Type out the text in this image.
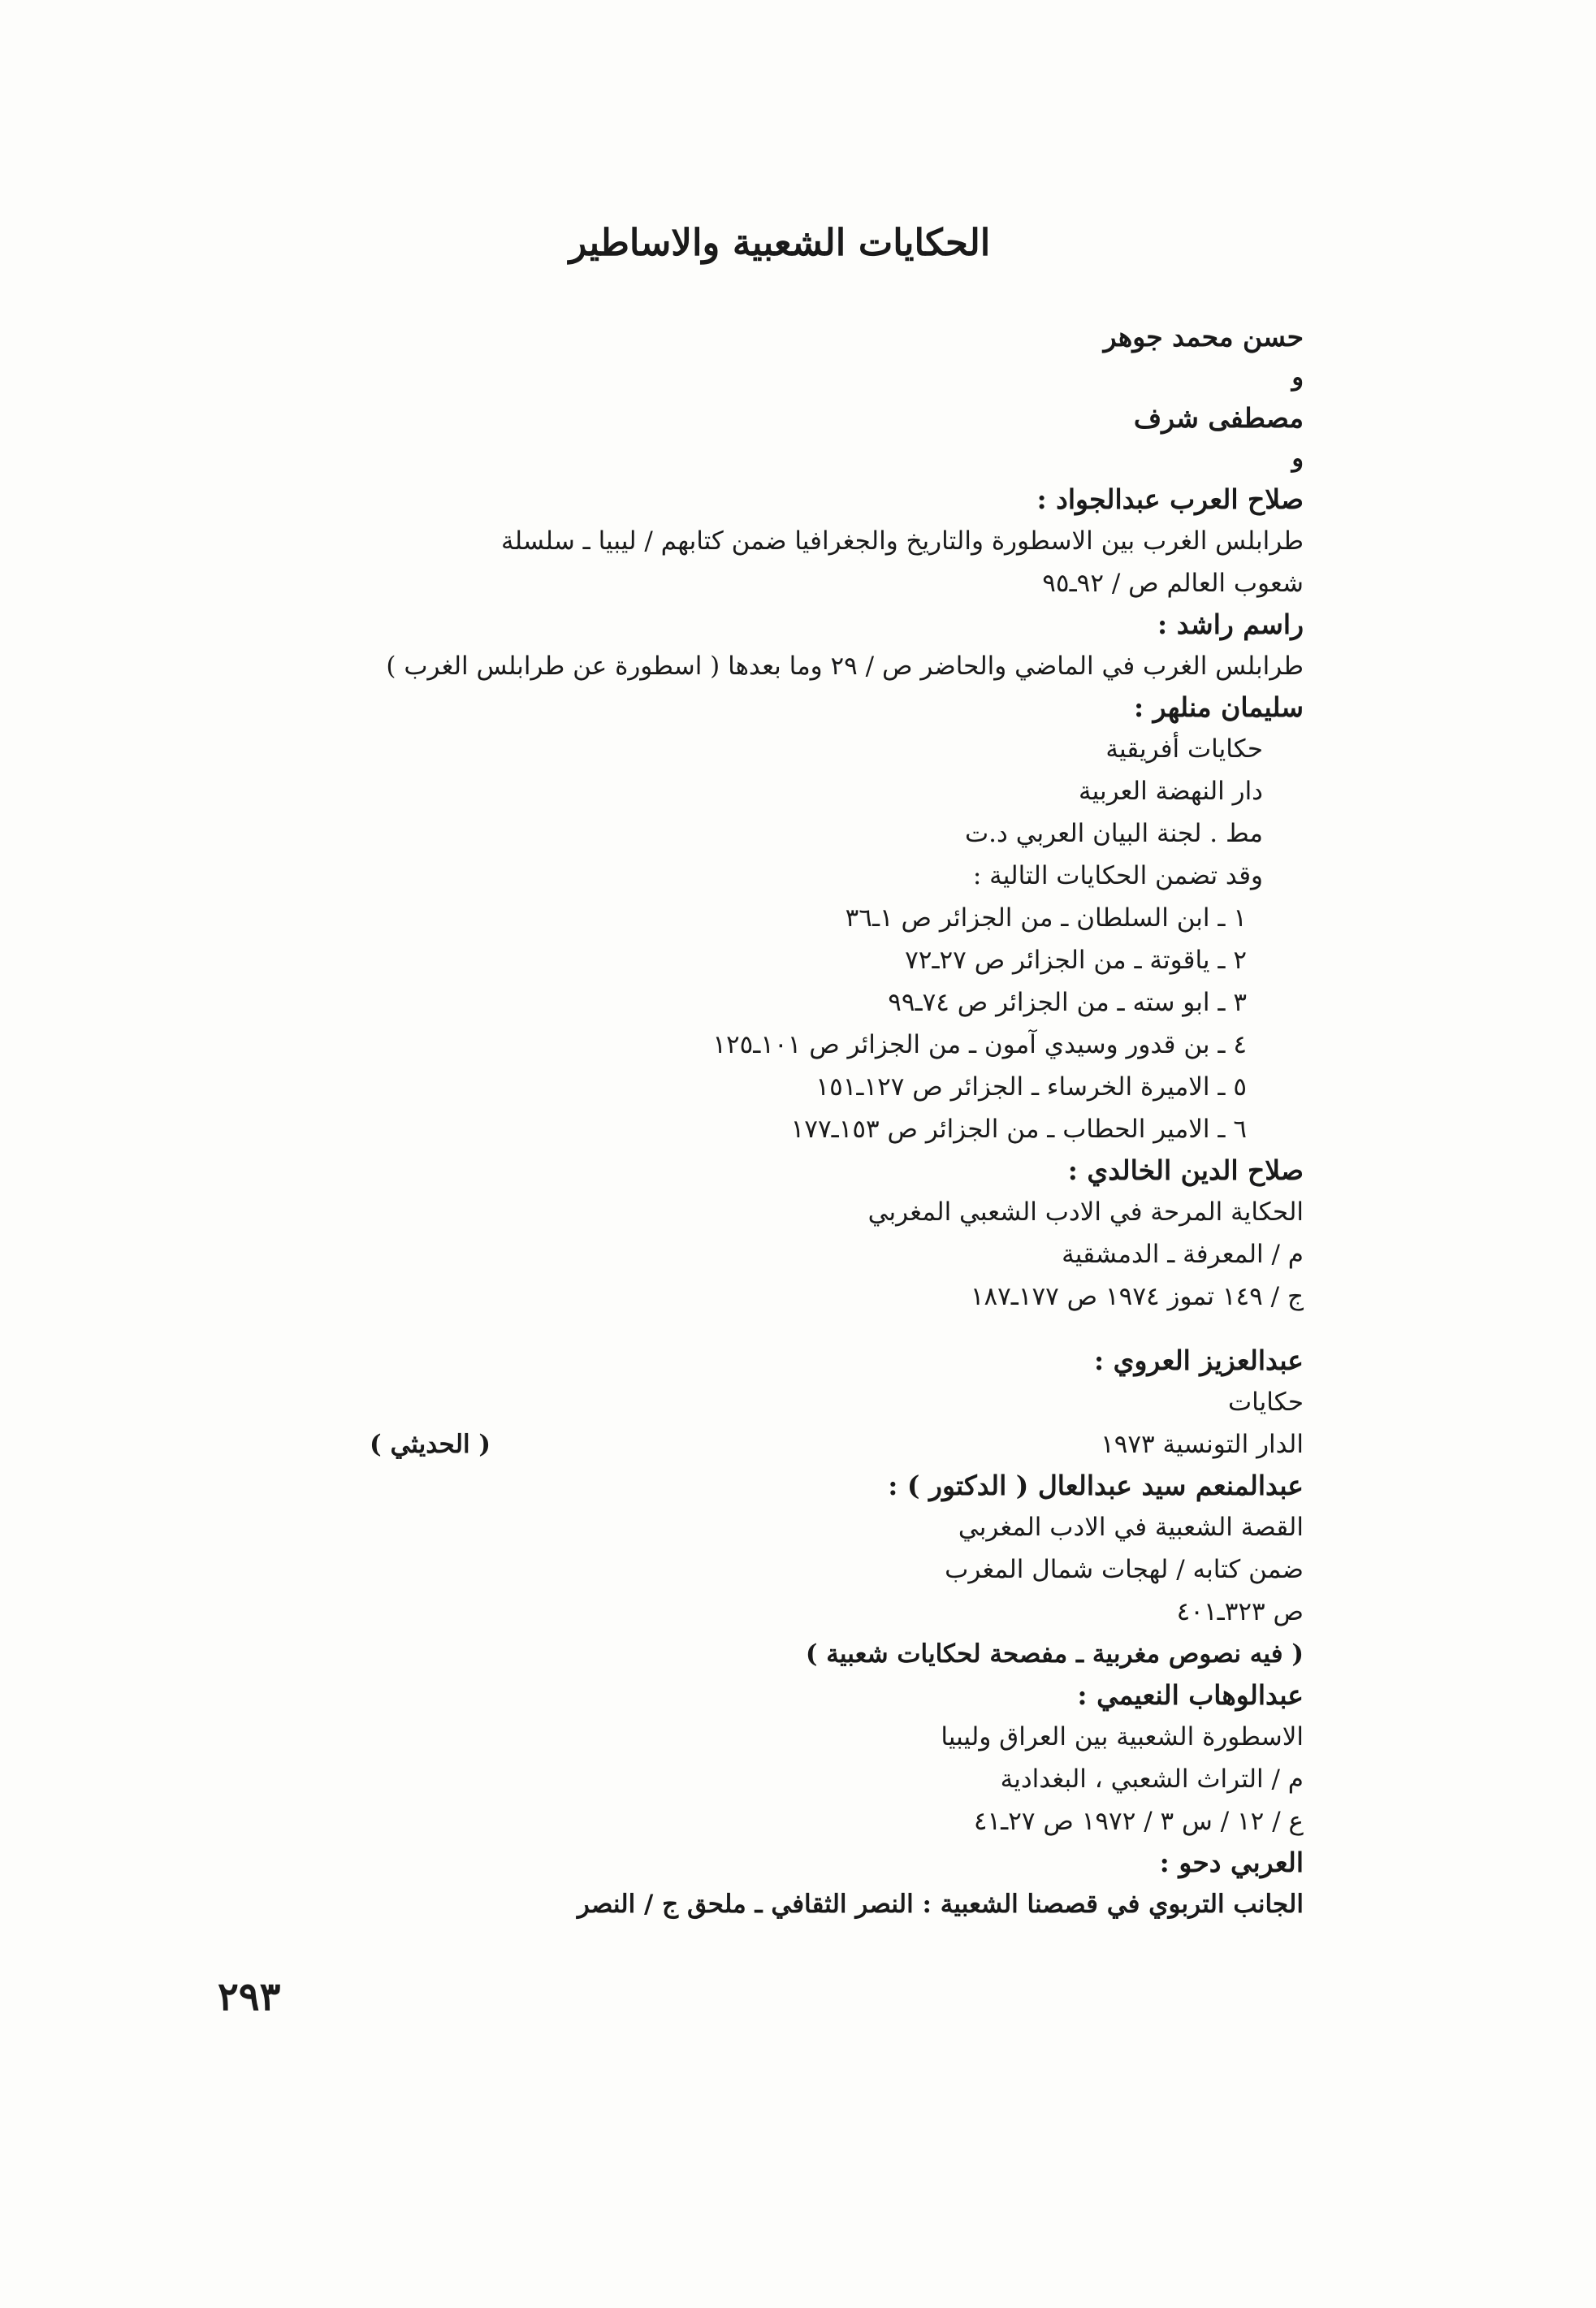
الحكايات الشعبية والاساطير
حسن محمد جوهر
و
مصطفى شرف
و
صلاح العرب عبدالجواد :
طرابلس الغرب بين الاسطورة والتاريخ والجغرافيا ضمن كتابهم / ليبيا ـ سلسلة
شعوب العالم ص / ٩٢ـ٩٥
راسم راشد :
طرابلس الغرب في الماضي والحاضر ص / ٢٩ وما بعدها ( اسطورة عن طرابلس الغرب )
سليمان منلهر :
حكايات أفريقية
دار النهضة العربية
مط . لجنة البيان العربي د.ت
وقد تضمن الحكايات التالية :
١ ـ ابن السلطان ـ من الجزائر ص ١ـ٣٦
٢ ـ ياقوتة ـ من الجزائر ص ٢٧ـ٧٢
٣ ـ ابو سته ـ من الجزائر ص ٧٤ـ٩٩
٤ ـ بن قدور وسيدي آمون ـ من الجزائر ص ١٠١ـ١٢٥
٥ ـ الاميرة الخرساء ـ الجزائر ص ١٢٧ـ١٥١
٦ ـ الامير الحطاب ـ من الجزائر ص ١٥٣ـ١٧٧
صلاح الدين الخالدي :
الحكاية المرحة في الادب الشعبي المغربي
م / المعرفة ـ الدمشقية
ج / ١٤٩ تموز ١٩٧٤ ص ١٧٧ـ١٨٧
عبدالعزيز العروي :
حكايات
الدار التونسية ١٩٧٣
( الحديثي )
عبدالمنعم سيد عبدالعال ( الدكتور ) :
القصة الشعبية في الادب المغربي
ضمن كتابه / لهجات شمال المغرب
ص ٣٢٣ـ٤٠١
( فيه نصوص مغربية ـ مفصحة لحكايات شعبية )
عبدالوهاب النعيمي :
الاسطورة الشعبية بين العراق وليبيا
م / التراث الشعبي ، البغدادية
ع / ١٢ / س ٣ / ١٩٧٢ ص ٢٧ـ٤١
العربي دحو :
الجانب التربوي في قصصنا الشعبية : النصر الثقافي ـ ملحق ج / النصر
٢٩٣
